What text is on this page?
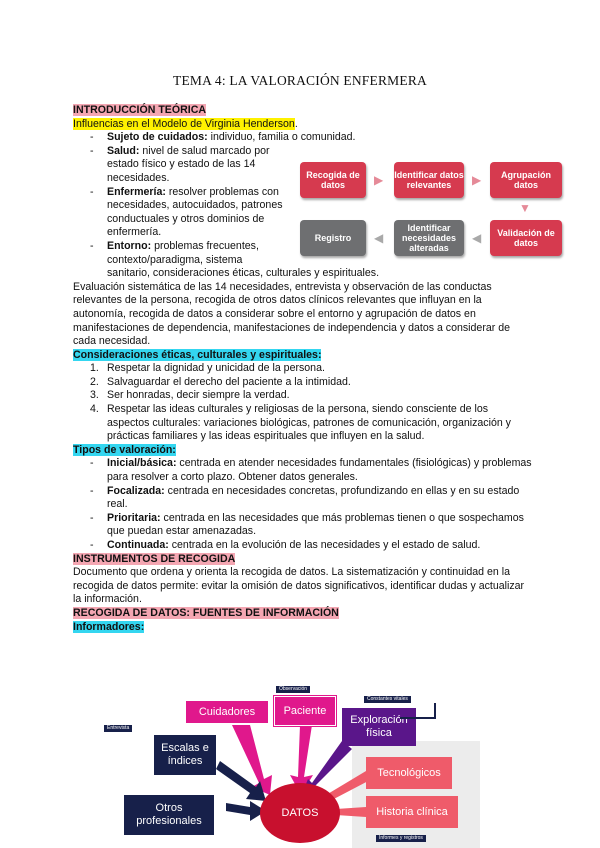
TEMA 4: LA VALORACIÓN ENFERMERA
INTRODUCCIÓN TEÓRICA
Influencias en el Modelo de Virginia Henderson.
- Sujeto de cuidados: individuo, familia o comunidad.
- Salud: nivel de salud marcado por estado físico y estado de las 14 necesidades.
- Enfermería: resolver problemas con necesidades, autocuidados, patrones conductuales y otros dominios de enfermería.
- Entorno: problemas frecuentes, contexto/paradigma, sistema
sanitario, consideraciones éticas, culturales y espirituales.
Evaluación sistemática de las 14 necesidades, entrevista y observación de las conductas relevantes de la persona, recogida de otros datos clínicos relevantes que influyan en la autonomía, recogida de datos a considerar sobre el entorno y agrupación de datos en manifestaciones de dependencia, manifestaciones de independencia y datos a considerar de cada necesidad.
Consideraciones éticas, culturales y espirituales:
1. Respetar la dignidad y unicidad de la persona.
2. Salvaguardar el derecho del paciente a la intimidad.
3. Ser honradas, decir siempre la verdad.
4. Respetar las ideas culturales y religiosas de la persona, siendo consciente de los aspectos culturales: variaciones biológicas, patrones de comunicación, organización y prácticas familiares y las ideas espirituales que influyen en la salud.
Tipos de valoración:
- Inicial/básica: centrada en atender necesidades fundamentales (fisiológicas) y problemas para resolver a corto plazo. Obtener datos generales.
- Focalizada: centrada en necesidades concretas, profundizando en ellas y en su estado real.
- Prioritaria: centrada en las necesidades que más problemas tienen o que sospechamos que puedan estar amenazadas.
- Continuada: centrada en la evolución de las necesidades y el estado de salud.
INSTRUMENTOS DE RECOGIDA
Documento que ordena y orienta la recogida de datos. La sistematización y continuidad en la recogida de datos permite: evitar la omisión de datos significativos, identificar dudas y actualizar la información.
RECOGIDA DE DATOS: FUENTES DE INFORMACIÓN
Informadores:
Recogida de datos	▶ Identificar datos relevantes	▶	Agrupación datos
▼
Validación de datos
◀
Identificar necesidades alteradas
◀
Registro
Cuidadores	Paciente
Observación
Exploración física
Constantes vitales
Entrevista
Escalas e índices
Tecnológicos
Historia clínica
Informes y registros
Otros profesionales
DATOS
